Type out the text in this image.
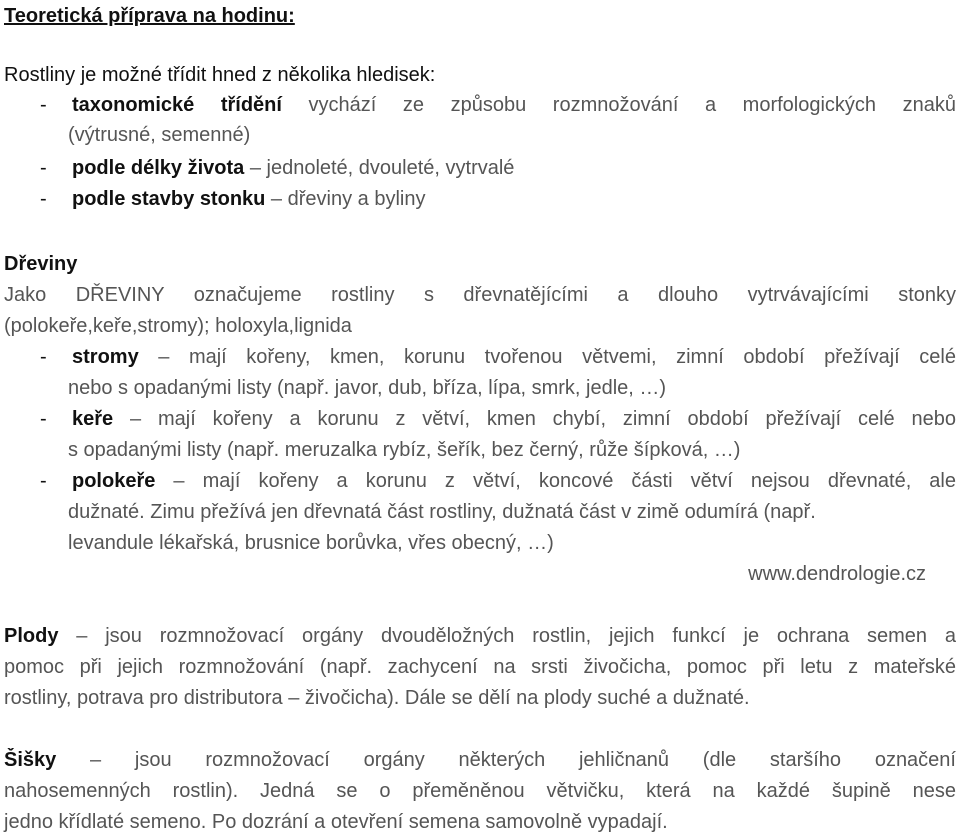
Teoretická příprava na hodinu:
Rostliny je možné třídit hned z několika hledisek:
- taxonomické třídění vychází ze způsobu rozmnožování a morfologických znaků
(výtrusné, semenné)
- podle délky života – jednoleté, dvouleté, vytrvalé
- podle stavby stonku – dřeviny a byliny
Dřeviny
Jako DŘEVINY označujeme rostliny s dřevnatějícími a dlouho vytrvávajícími stonky
(polokeře,keře,stromy); holoxyla,lignida
- stromy – mají kořeny, kmen, korunu tvořenou větvemi, zimní období přežívají celé
nebo s opadanými listy (např. javor, dub, bříza, lípa, smrk, jedle, …)
- keře – mají kořeny a korunu z větví, kmen chybí, zimní období přežívají celé nebo
s opadanými listy (např. meruzalka rybíz, šeřík, bez černý, růže šípková, …)
- polokeře – mají kořeny a korunu z větví, koncové části větví nejsou dřevnaté, ale
dužnaté. Zimu přežívá jen dřevnatá část rostliny, dužnatá část v zimě odumírá (např.
levandule lékařská, brusnice borůvka, vřes obecný, …)
www.dendrologie.cz
Plody – jsou rozmnožovací orgány dvouděložných rostlin, jejich funkcí je ochrana semen a
pomoc při jejich rozmnožování (např. zachycení na srsti živočicha, pomoc při letu z mateřské
rostliny, potrava pro distributora – živočicha). Dále se dělí na plody suché a dužnaté.
Šišky – jsou rozmnožovací orgány některých jehličnanů (dle staršího označení
nahosemenných rostlin). Jedná se o přeměněnou větvičku, která na každé šupině nese
jedno křídlaté semeno. Po dozrání a otevření semena samovolně vypadají.
